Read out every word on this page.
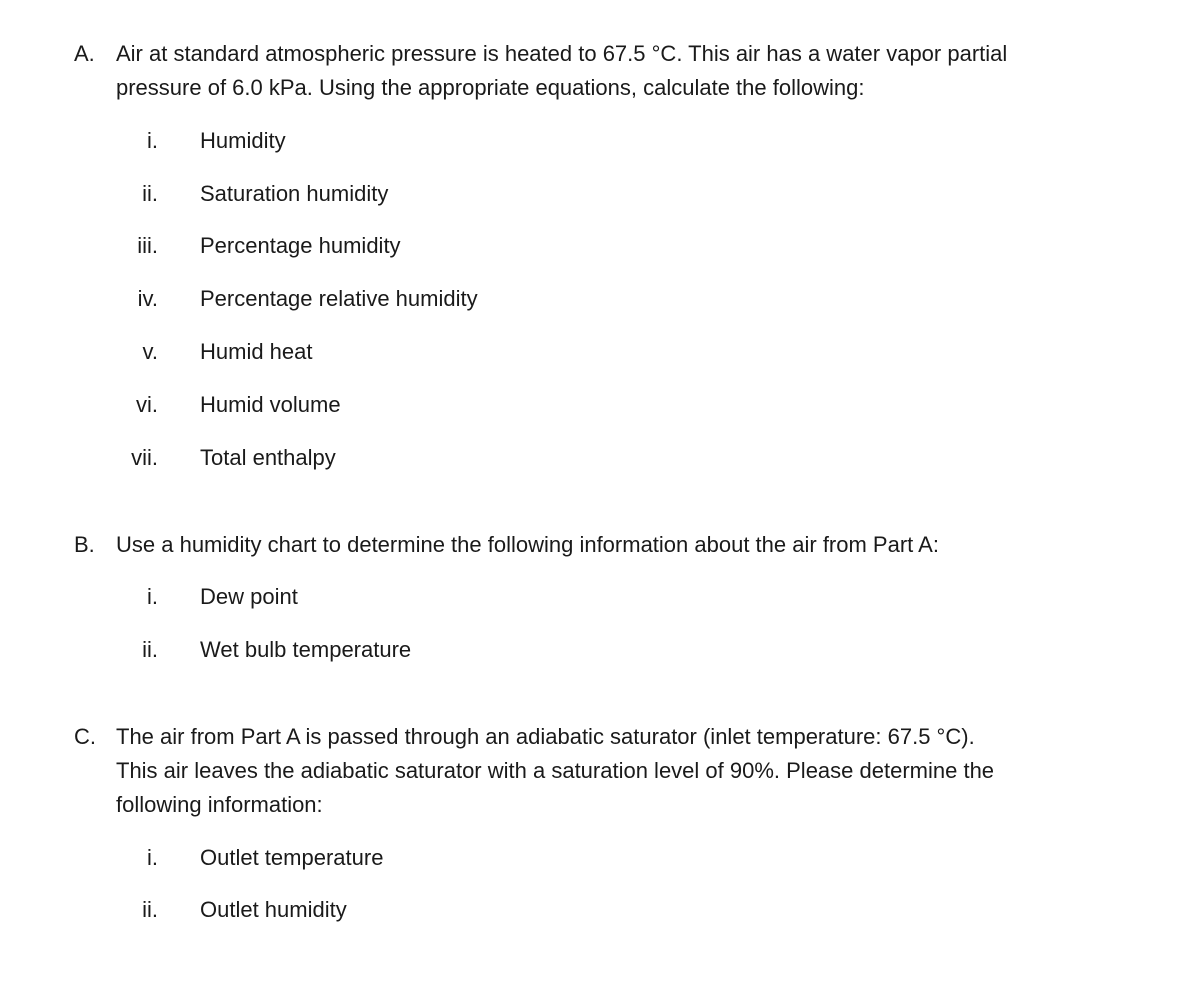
A. Air at standard atmospheric pressure is heated to 67.5 °C. This air has a water vapor partial
pressure of 6.0 kPa. Using the appropriate equations, calculate the following:
i. Humidity
ii. Saturation humidity
iii. Percentage humidity
iv. Percentage relative humidity
v. Humid heat
vi. Humid volume
vii. Total enthalpy
B. Use a humidity chart to determine the following information about the air from Part A:
i. Dew point
ii. Wet bulb temperature
C. The air from Part A is passed through an adiabatic saturator (inlet temperature: 67.5 °C).
This air leaves the adiabatic saturator with a saturation level of 90%. Please determine the
following information:
i. Outlet temperature
ii. Outlet humidity
